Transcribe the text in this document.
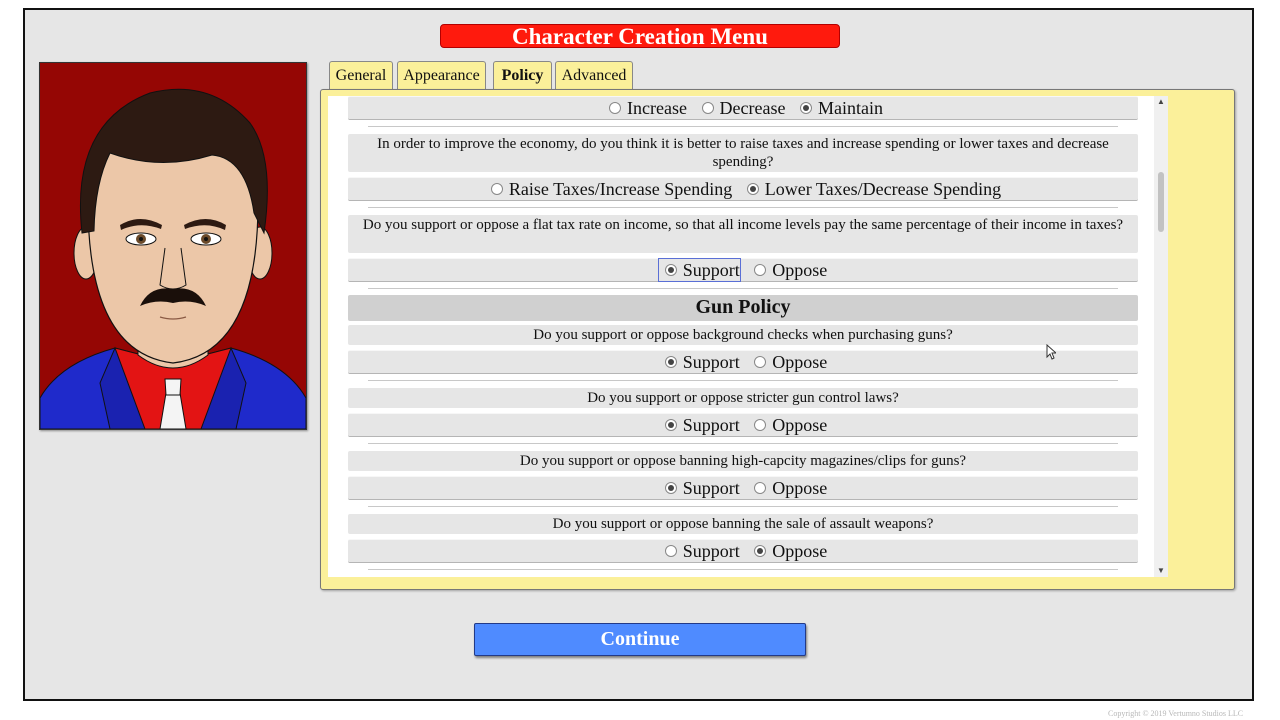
Character Creation Menu
General	Appearance	Policy	Advanced
Increase Decrease Maintain
In order to improve the economy, do you think it is better to raise taxes and increase spending or lower taxes and decrease spending?
Raise Taxes/Increase Spending Lower Taxes/Decrease Spending
Do you support or oppose a flat tax rate on income, so that all income levels pay the same percentage of their income in taxes?
Support Oppose
Gun Policy
Do you support or oppose background checks when purchasing guns?
Support Oppose
Do you support or oppose stricter gun control laws?
Support Oppose
Do you support or oppose banning high-capcity magazines/clips for guns?
Support Oppose
Do you support or oppose banning the sale of assault weapons?
Support Oppose
▲
▼
Continue
Copyright © 2019 Vertumno Studios LLC
